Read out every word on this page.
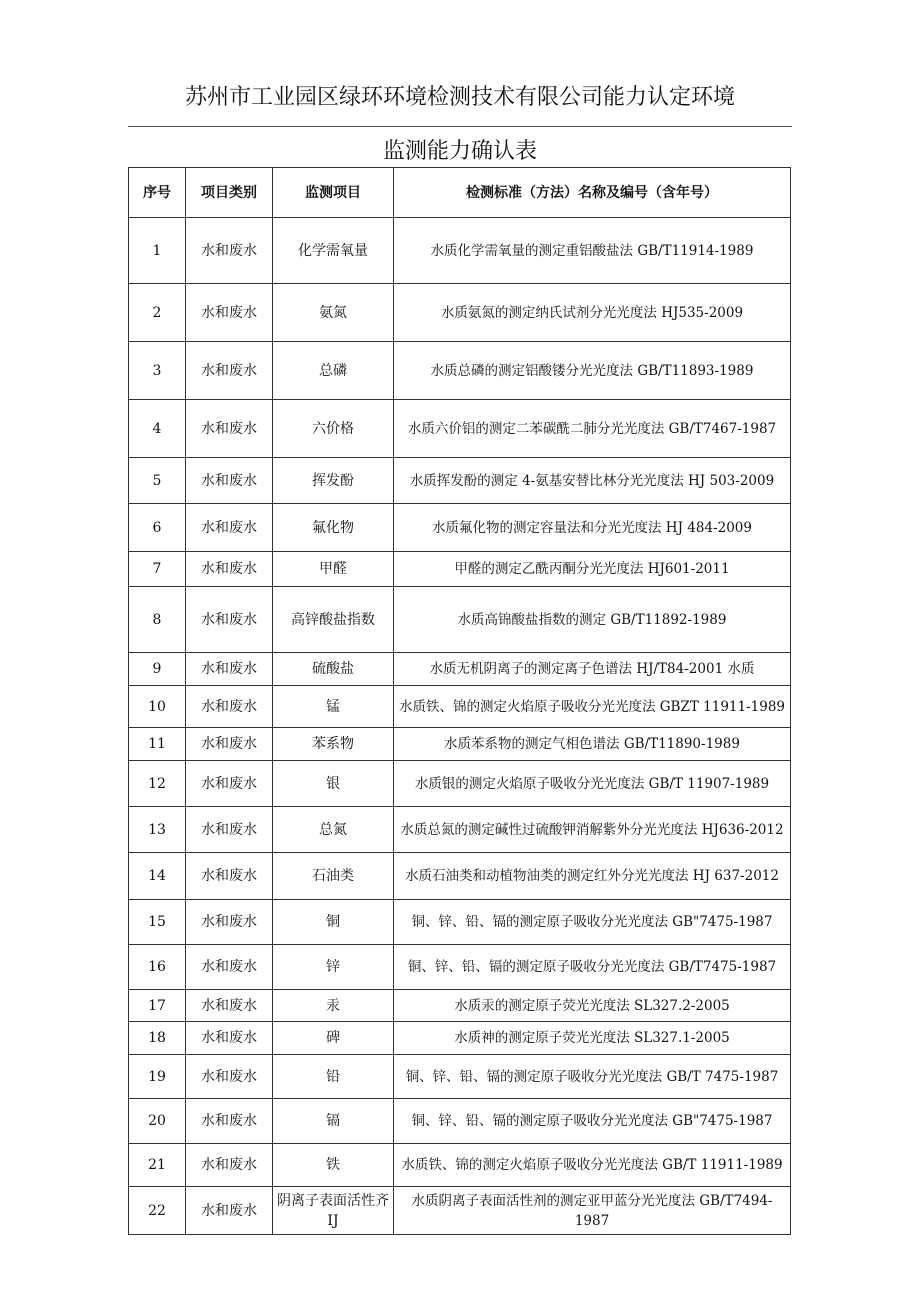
苏州市工业园区绿环环境检测技术有限公司能力认定环境
监测能力确认表
序号	项目类别	监测项目	检测标准（方法）名称及编号（含年号）
1	水和废水	化学需氧量	水质化学需氧量的测定重铝酸盐法 GB/T11914-1989
2	水和废水	氨氮	水质氨氮的测定纳氏试剂分光光度法 HJ535-2009
3	水和废水	总磷	水质总磷的测定铝酸镂分光光度法 GB/T11893-1989
4	水和废水	六价格	水质六价铝的测定二苯碳酰二肺分光光度法 GB/T7467-1987
5	水和废水	挥发酚	水质挥发酚的测定 4-氨基安替比林分光光度法 HJ 503-2009
6	水和废水	氟化物	水质氟化物的测定容量法和分光光度法 HJ 484-2009
7	水和废水	甲醛	甲醛的测定乙酰丙酮分光光度法 HJ601-2011
8	水和废水	高锌酸盐指数	水质高锦酸盐指数的测定 GB/T11892-1989
9	水和废水	硫酸盐	水质无机阴离子的测定离子色谱法 HJ/T84-2001 水质
10	水和废水	锰	水质铁、锦的测定火焰原子吸收分光光度法 GBZT 11911-1989
11	水和废水	苯系物	水质苯系物的测定气相色谱法 GB/T11890-1989
12	水和废水	银	水质银的测定火焰原子吸收分光光度法 GB/T 11907-1989
13	水和废水	总氮	水质总氮的测定碱性过硫酸钾消解紫外分光光度法 HJ636-2012
14	水和废水	石油类	水质石油类和动植物油类的测定红外分光光度法 HJ 637-2012
15	水和废水	铜	铜、锌、铅、镉的测定原子吸收分光光度法 GB"7475-1987
16	水和废水	锌	铜、锌、铅、镉的测定原子吸收分光光度法 GB/T7475-1987
17	水和废水	汞	水质汞的测定原子荧光光度法 SL327.2-2005
18	水和废水	碑	水质神的测定原子荧光光度法 SL327.1-2005
19	水和废水	铅	铜、锌、铅、镉的测定原子吸收分光光度法 GB/T 7475-1987
20	水和废水	镉	铜、锌、铅、镉的测定原子吸收分光光度法 GB"7475-1987
21	水和废水	铁	水质铁、锦的测定火焰原子吸收分光光度法 GB/T 11911-1989
22	水和废水	阴离子表面活性齐 IJ	水质阴离子表面活性剂的测定亚甲蓝分光光度法 GB/T7494-1987
